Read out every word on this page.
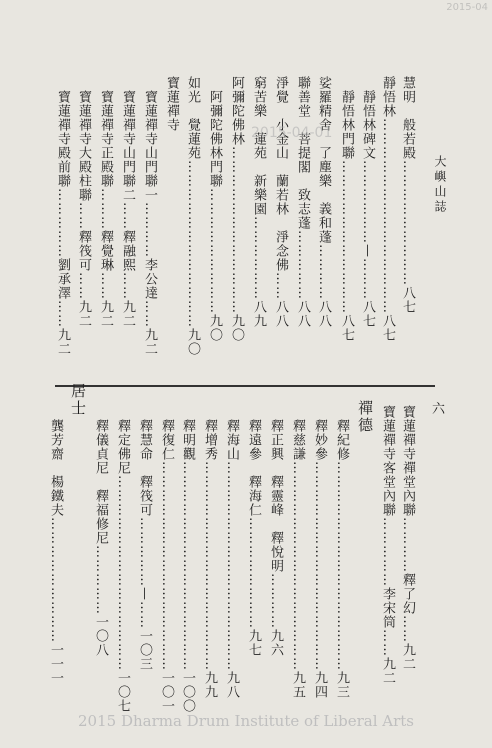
2015-04
大嶼山誌
六
慧明　般若殿………………………八七
靜悟林……………………………………八七
　靜悟林碑文………………—………八七
　靜悟林門聯……………………………八七
娑羅精舍　了塵樂　義和蓬…………八八
聯善堂　菩提閣　致志蓬……………八八
淨覺　小金山　蘭若林　淨念佛……八八
窮苦樂　蓮苑　新樂園………………八九
阿彌陀佛林………………………………九〇
　阿彌陀佛林門聯………………………九〇
如光　覺蓮苑………………………………九〇
寶蓮禪寺
　寶蓮禪寺山門聯一…………李公達……九二
　寶蓮禪寺山門聯二……釋融熙……九二
　寶蓮禪寺正殿聯………釋覺琳……九二
　寶蓮禪寺大殿柱聯……釋筏可……九二
　寶蓮禪寺殿前聯……………劉承澤……九二	2015-04-01
寶蓮禪寺禪堂內聯…………釋了幻……九二
寶蓮禪寺客堂內聯……………李宋筒……九二
禪德
　釋紀修………………………………………九三
　釋妙參………………………………………九四
　釋慈謙………………………………………九五
　釋正興　釋靈峰　釋悅明…………九六
　釋遠參　釋海仁……………………九七
　釋海山………………………………………九八
　釋增秀………………………………………九九
　釋明觀………………………………………一〇〇
　釋復仁………………………………………一〇一
　釋慧命　釋筏可……………—……一〇三
　釋定佛尼……………………………………一〇七
　釋儀貞尼　釋福修尼……………一〇八
居士
　龔芳齋　楊鐵夫………………………一一一
2015 Dharma Drum Institute of Liberal Arts
